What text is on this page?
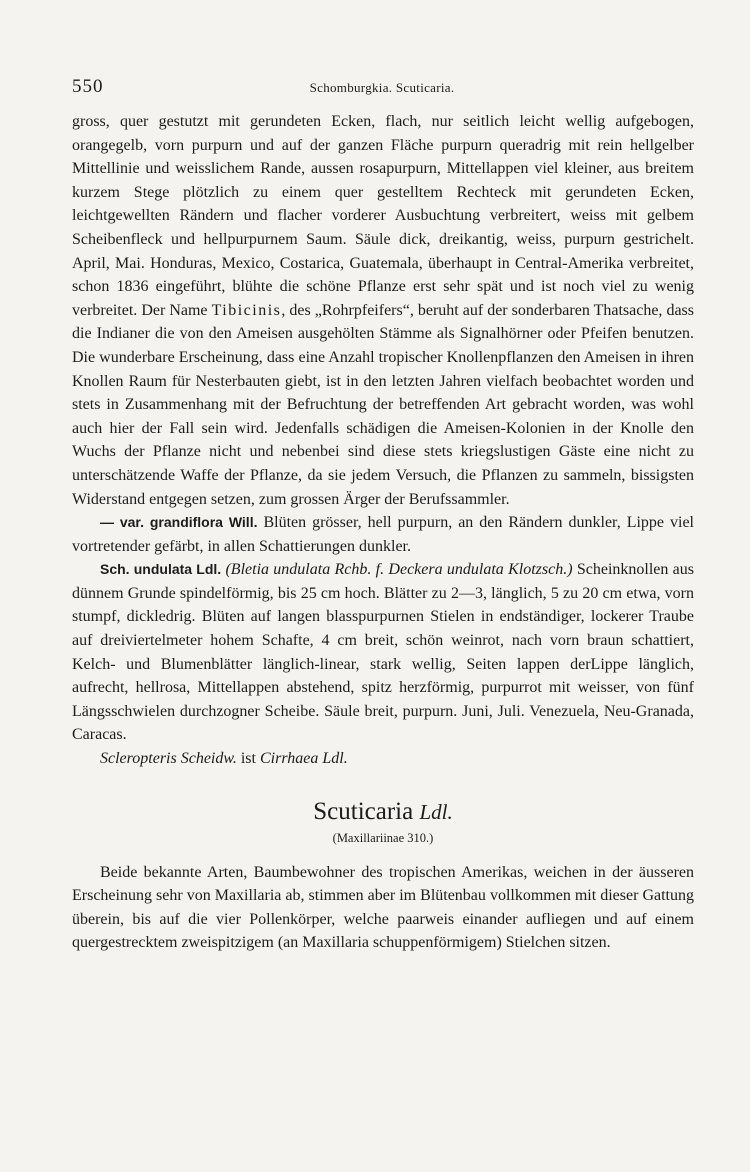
550	Schomburgkia. Scuticaria.

gross, quer gestutzt mit gerundeten Ecken, flach, nur seitlich leicht wellig aufgebogen, orangegelb, vorn purpurn und auf der ganzen Fläche purpurn queradrig mit rein hellgelber Mittellinie und weisslichem Rande, aussen rosapurpurn, Mittellappen viel kleiner, aus breitem kurzem Stege plötzlich zu einem quer gestelltem Rechteck mit gerundeten Ecken, leichtgewellten Rändern und flacher vorderer Ausbuchtung verbreitert, weiss mit gelbem Scheibenfleck und hellpurpurnem Saum. Säule dick, dreikantig, weiss, purpurn gestrichelt. April, Mai. Honduras, Mexico, Costarica, Guatemala, überhaupt in Central-Amerika verbreitet, schon 1836 eingeführt, blühte die schöne Pflanze erst sehr spät und ist noch viel zu wenig verbreitet. Der Name Tibicinis, des „Rohrpfeifers“, beruht auf der sonderbaren Thatsache, dass die Indianer die von den Ameisen ausgehölten Stämme als Signalhörner oder Pfeifen benutzen. Die wunderbare Erscheinung, dass eine Anzahl tropischer Knollenpflanzen den Ameisen in ihren Knollen Raum für Nesterbauten giebt, ist in den letzten Jahren vielfach beobachtet worden und stets in Zusammenhang mit der Befruchtung der betreffenden Art gebracht worden, was wohl auch hier der Fall sein wird. Jedenfalls schädigen die Ameisen-Kolonien in der Knolle den Wuchs der Pflanze nicht und nebenbei sind diese stets kriegslustigen Gäste eine nicht zu unterschätzende Waffe der Pflanze, da sie jedem Versuch, die Pflanzen zu sammeln, bissigsten Widerstand entgegen setzen, zum grossen Ärger der Berufssammler.

— var. grandiflora Will. Blüten grösser, hell purpurn, an den Rändern dunkler, Lippe viel vortretender gefärbt, in allen Schattierungen dunkler.

Sch. undulata Ldl. (Bletia undulata Rchb. f. Deckera undulata Klotzsch.) Scheinknollen aus dünnem Grunde spindelförmig, bis 25 cm hoch. Blätter zu 2—3, länglich, 5 zu 20 cm etwa, vorn stumpf, dickledrig. Blüten auf langen blasspurpurnen Stielen in endständiger, lockerer Traube auf dreiviertelmeter hohem Schafte, 4 cm breit, schön weinrot, nach vorn braun schattiert, Kelch- und Blumenblätter länglich-linear, stark wellig, Seiten lappen derLippe länglich, aufrecht, hellrosa, Mittellappen abstehend, spitz herzförmig, purpurrot mit weisser, von fünf Längsschwielen durchzogner Scheibe. Säule breit, purpurn. Juni, Juli. Venezuela, Neu-Granada, Caracas.

Scleropteris Scheidw. ist Cirrhaea Ldl.

Scuticaria Ldl.
(Maxillariinae 310.)

Beide bekannte Arten, Baumbewohner des tropischen Amerikas, weichen in der äusseren Erscheinung sehr von Maxillaria ab, stimmen aber im Blütenbau vollkommen mit dieser Gattung überein, bis auf die vier Pollenkörper, welche paarweis einander aufliegen und auf einem quergestrecktem zweispitzigem (an Maxillaria schuppenförmigem) Stielchen sitzen.
